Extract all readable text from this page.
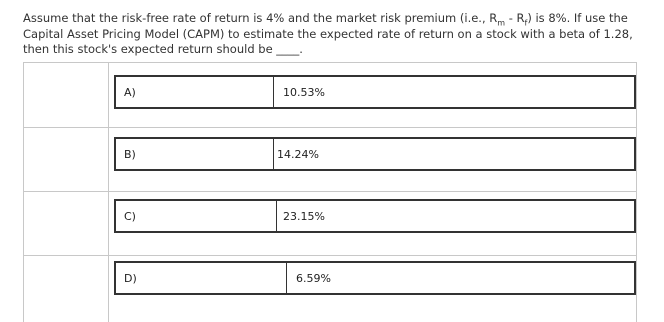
Assume that the risk-free rate of return is 4% and the market risk premium (i.e., $R_m - R_f$) is 8%. If use the
Capital Asset Pricing Model (CAPM) to estimate the expected rate of return on a stock with a beta of 1.28,
then this stock's expected return should be ____.
A)	10.53%
B)	14.24%
C)	23.15%
D)	6.59%
